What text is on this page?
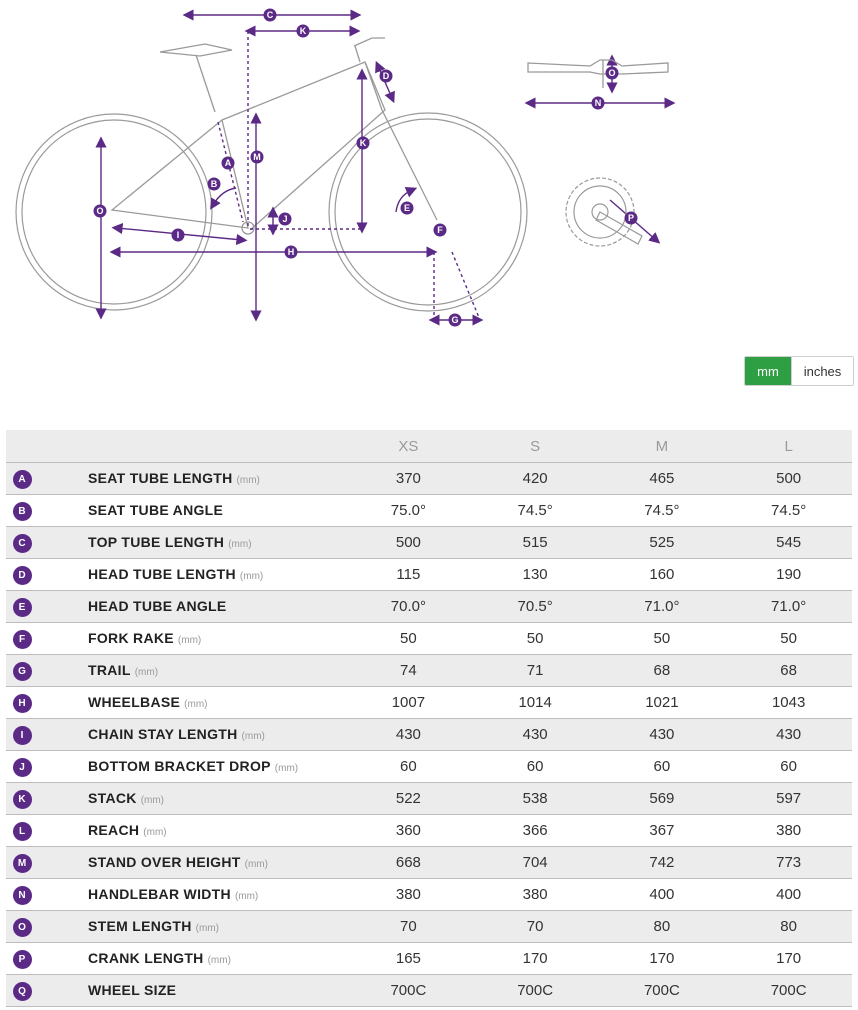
C
K
D
K
A
M
B
O	E
J
F
I
H
G
O
N
P
mm	inches
		XS	S	M	L
A	SEAT TUBE LENGTH (mm)	370	420	465	500
B	SEAT TUBE ANGLE	75.0°	74.5°	74.5°	74.5°
C	TOP TUBE LENGTH (mm)	500	515	525	545
D	HEAD TUBE LENGTH (mm)	115	130	160	190
E	HEAD TUBE ANGLE	70.0°	70.5°	71.0°	71.0°
F	FORK RAKE (mm)	50	50	50	50
G	TRAIL (mm)	74	71	68	68
H	WHEELBASE (mm)	1007	1014	1021	1043
I	CHAIN STAY LENGTH (mm)	430	430	430	430
J	BOTTOM BRACKET DROP (mm)	60	60	60	60
K	STACK (mm)	522	538	569	597
L	REACH (mm)	360	366	367	380
M	STAND OVER HEIGHT (mm)	668	704	742	773
N	HANDLEBAR WIDTH (mm)	380	380	400	400
O	STEM LENGTH (mm)	70	70	80	80
P	CRANK LENGTH (mm)	165	170	170	170
Q	WHEEL SIZE	700C	700C	700C	700C
